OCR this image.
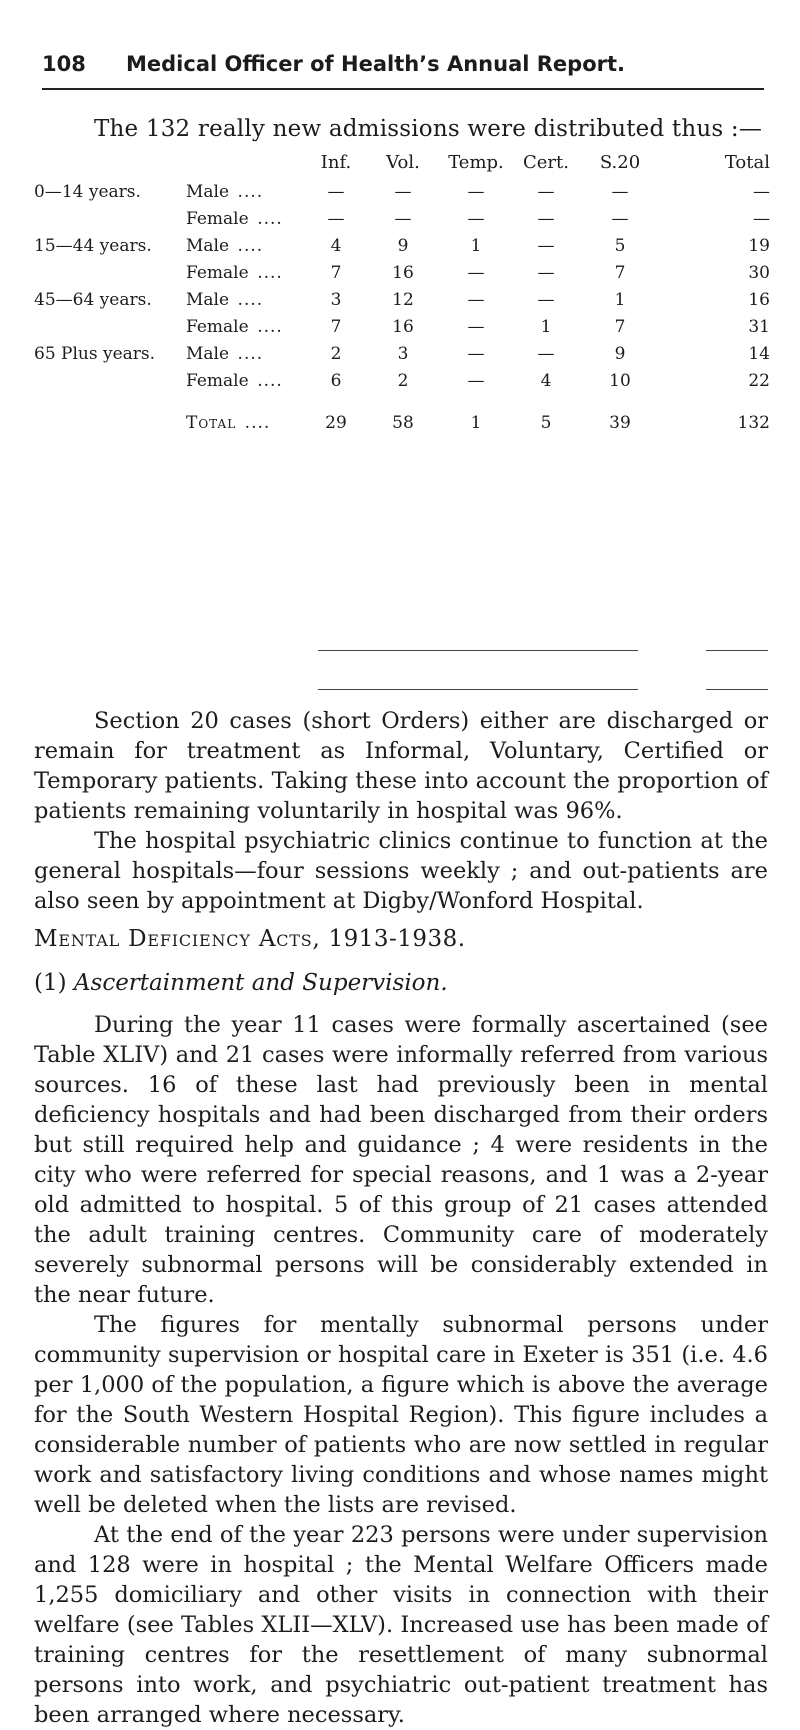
108	Medical Officer of Health’s Annual Report.
The 132 really new admissions were distributed thus :—
		Inf.	Vol.	Temp.	Cert.	S.20	Total
0—14 years.	Male  ....	—	—	—	—	—	—
	Female  ....	—	—	—	—	—	—
15—44 years.	Male  ....	4	9	1	—	5	19
	Female  ....	7	16	—	—	7	30
45—64 years.	Male  ....	3	12	—	—	1	16
	Female  ....	7	16	—	1	7	31
65 Plus years.	Male  ....	2	3	—	—	9	14
	Female  ....	6	2	—	4	10	22

	Total  ....	29	58	1	5	39	132

Section 20 cases (short Orders) either are discharged or remain for treatment as Informal, Voluntary, Certified or Temporary patients. Taking these into account the proportion of patients remaining voluntarily in hospital was 96%.

The hospital psychiatric clinics continue to function at the general hospitals—four sessions weekly ; and out-patients are also seen by appointment at Digby/Wonford Hospital.

Mental Deficiency Acts, 1913-1938.
(1) Ascertainment and Supervision.

During the year 11 cases were formally ascertained (see Table XLIV) and 21 cases were informally referred from various sources. 16 of these last had previously been in mental deficiency hospitals and had been discharged from their orders but still required help and guidance ; 4 were residents in the city who were referred for special reasons, and 1 was a 2-year old admitted to hospital. 5 of this group of 21 cases attended the adult training centres. Community care of moderately severely subnormal persons will be considerably extended in the near future.

The figures for mentally subnormal persons under community supervision or hospital care in Exeter is 351 (i.e. 4.6 per 1,000 of the population, a figure which is above the average for the South Western Hospital Region). This figure includes a considerable number of patients who are now settled in regular work and satisfactory living conditions and whose names might well be deleted when the lists are revised.

At the end of the year 223 persons were under supervision and 128 were in hospital ; the Mental Welfare Officers made 1,255 domiciliary and other visits in connection with their welfare (see Tables XLII—XLV). Increased use has been made of training centres for the resettlement of many subnormal persons into work, and psychiatric out-patient treatment has been arranged where necessary.
